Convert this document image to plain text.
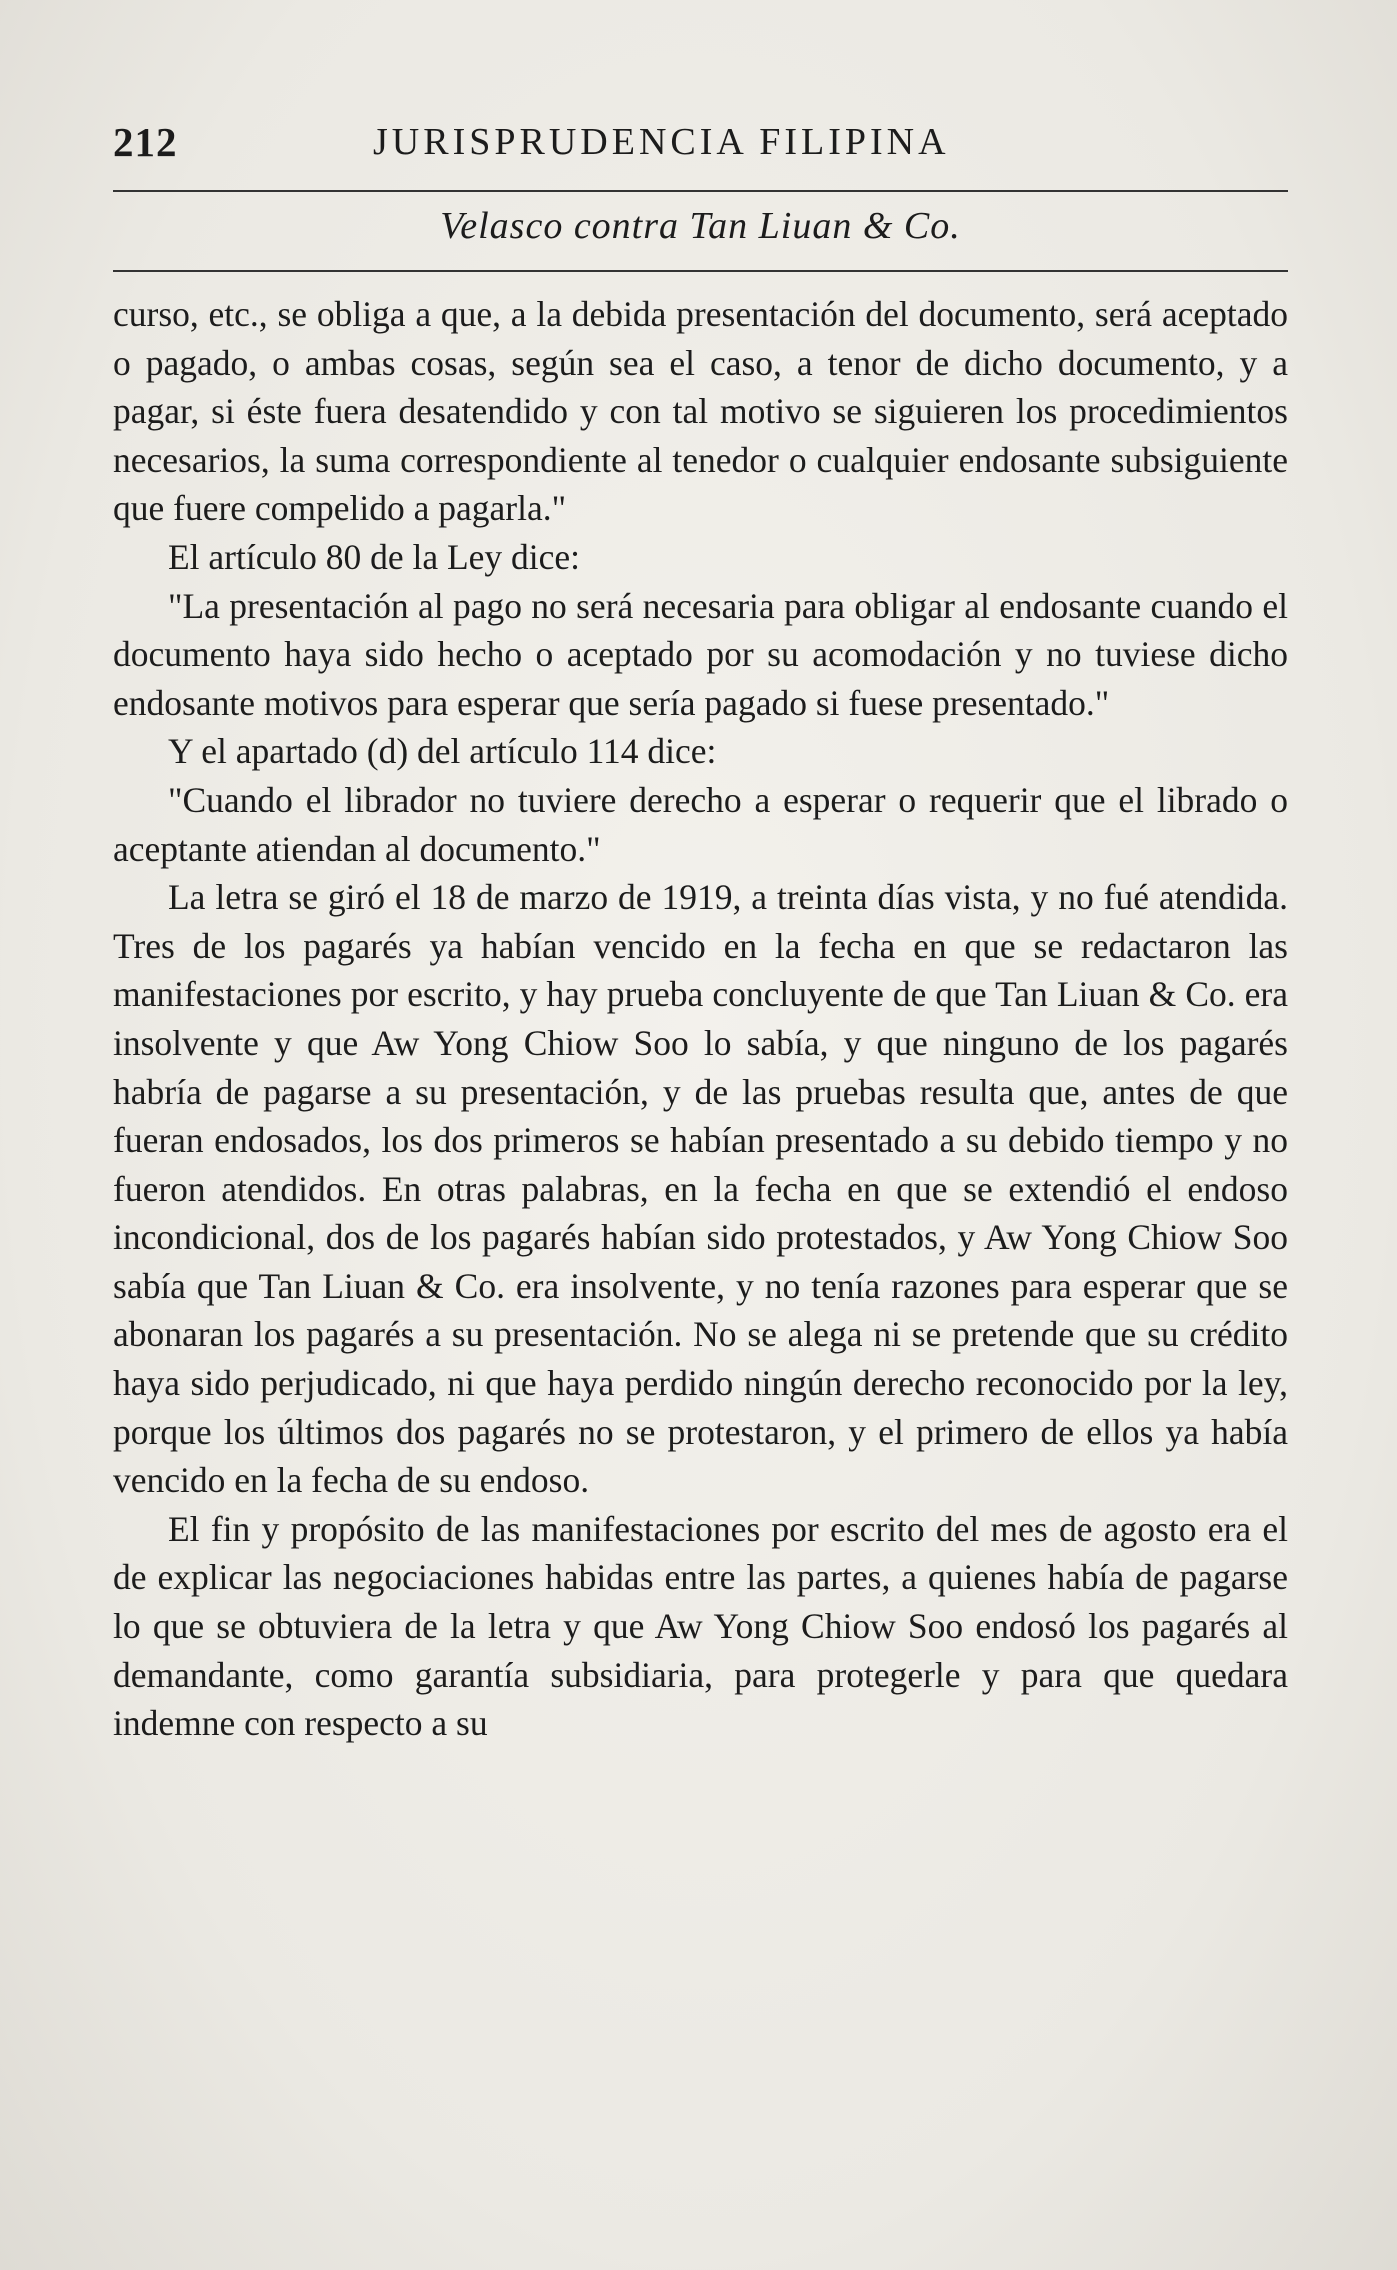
212	JURISPRUDENCIA FILIPINA
Velasco contra Tan Liuan & Co.

curso, etc., se obliga a que, a la debida presentación del documento, será aceptado o pagado, o ambas cosas, según sea el caso, a tenor de dicho documento, y a pagar, si éste fuera desatendido y con tal motivo se siguieren los procedimientos necesarios, la suma correspondiente al tenedor o cualquier endosante subsiguiente que fuere compelido a pagarla."

El artículo 80 de la Ley dice:

"La presentación al pago no será necesaria para obligar al endosante cuando el documento haya sido hecho o aceptado por su acomodación y no tuviese dicho endosante motivos para esperar que sería pagado si fuese presentado."

Y el apartado (d) del artículo 114 dice:

"Cuando el librador no tuviere derecho a esperar o requerir que el librado o aceptante atiendan al documento."

La letra se giró el 18 de marzo de 1919, a treinta días vista, y no fué atendida. Tres de los pagarés ya habían vencido en la fecha en que se redactaron las manifestaciones por escrito, y hay prueba concluyente de que Tan Liuan & Co. era insolvente y que Aw Yong Chiow Soo lo sabía, y que ninguno de los pagarés habría de pagarse a su presentación, y de las pruebas resulta que, antes de que fueran endosados, los dos primeros se habían presentado a su debido tiempo y no fueron atendidos. En otras palabras, en la fecha en que se extendió el endoso incondicional, dos de los pagarés habían sido protestados, y Aw Yong Chiow Soo sabía que Tan Liuan & Co. era insolvente, y no tenía razones para esperar que se abonaran los pagarés a su presentación. No se alega ni se pretende que su crédito haya sido perjudicado, ni que haya perdido ningún derecho reconocido por la ley, porque los últimos dos pagarés no se protestaron, y el primero de ellos ya había vencido en la fecha de su endoso.

El fin y propósito de las manifestaciones por escrito del mes de agosto era el de explicar las negociaciones habidas entre las partes, a quienes había de pagarse lo que se obtuviera de la letra y que Aw Yong Chiow Soo endosó los pagarés al demandante, como garantía subsidiaria, para protegerle y para que quedara indemne con respecto a su
